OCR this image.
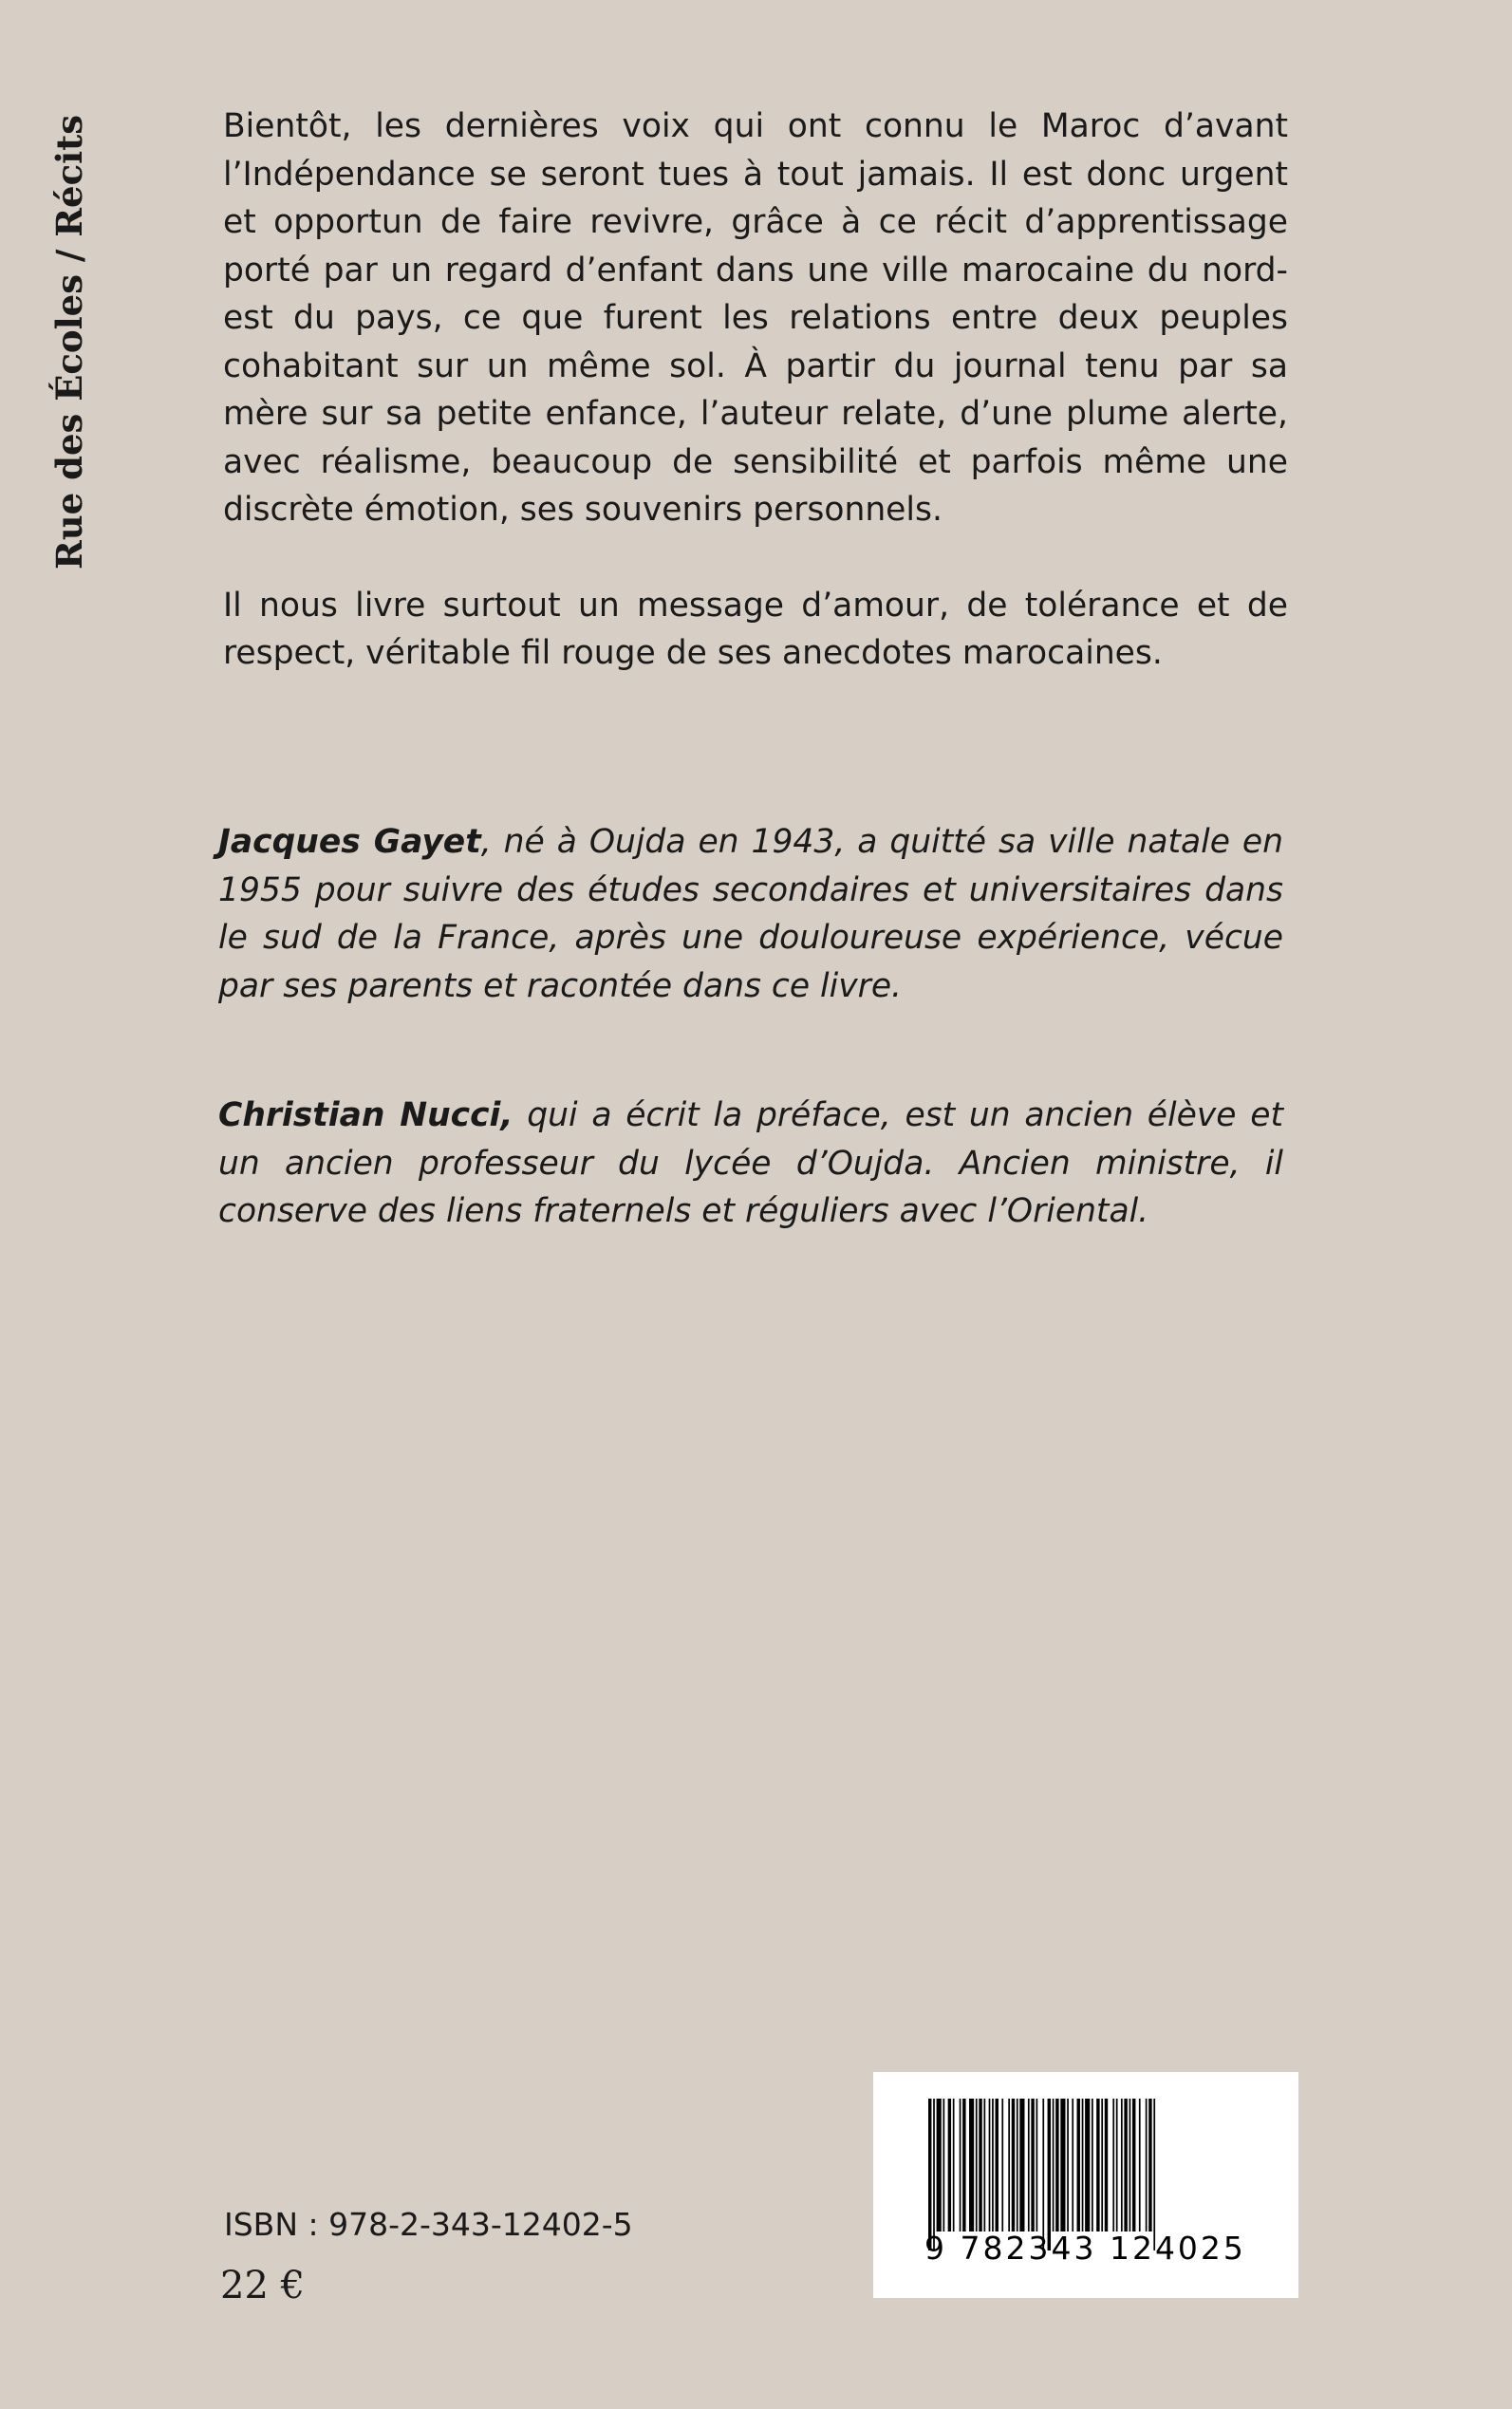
Rue des Écoles / Récits	Bientôt, les dernières voix qui ont connu le Maroc d’avant l’Indépendance se seront tues à tout jamais. Il est donc urgent et opportun de faire revivre, grâce à ce récit d’apprentissage porté par un regard d’enfant dans une ville marocaine du nord-est du pays, ce que furent les relations entre deux peuples cohabitant sur un même sol. À partir du journal tenu par sa mère sur sa petite enfance, l’auteur relate, d’une plume alerte, avec réalisme, beaucoup de sensibilité et parfois même une discrète émotion, ses souvenirs personnels.

Il nous livre surtout un message d’amour, de tolérance et de respect, véritable fil rouge de ses anecdotes marocaines.

Jacques Gayet, né à Oujda en 1943, a quitté sa ville natale en 1955 pour suivre des études secondaires et universitaires dans le sud de la France, après une douloureuse expérience, vécue par ses parents et racontée dans ce livre.

Christian Nucci, qui a écrit la préface, est un ancien élève et un ancien professeur du lycée d’Oujda. Ancien ministre, il conserve des liens fraternels et réguliers avec l’Oriental.

ISBN : 978-2-343-12402-5
22 €
9 782343 124025
